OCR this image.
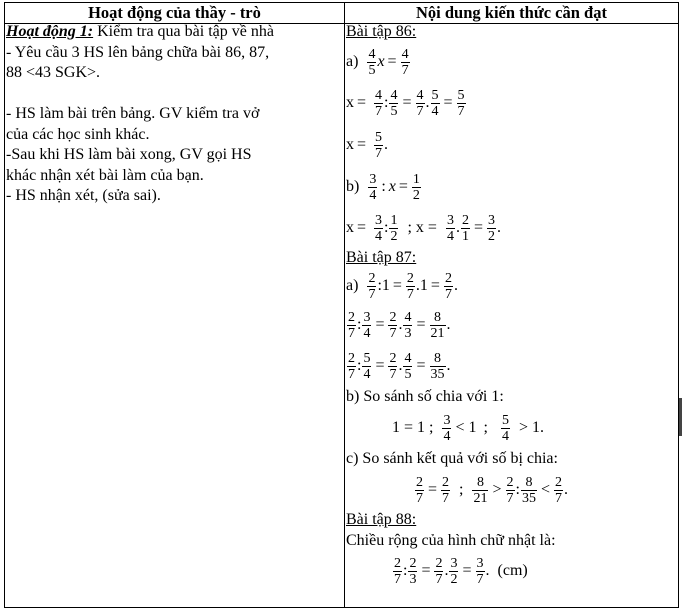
Hoạt động của thầy - trò	Nội dung kiến thức cần đạt
Hoạt động 1: Kiểm tra qua bài tập về nhà
- Yêu cầu 3 HS lên bảng chữa bài 86, 87,
88 <43 SGK>.
- HS làm bài trên bảng. GV kiểm tra vở
của các học sinh khác.
-Sau khi HS làm bài xong, GV gọi HS
khác nhận xét bài làm của bạn.
- HS nhận xét, (sửa sai).
Bài tập 86:
a)
$\frac{4}{5}$ $x = \frac{4}{7}$
x =
$\frac{4}{7}$ : $\frac{4}{5} = \frac{4}{7}$ . $\frac{5}{4} = \frac{5}{7}$
x =
$\frac{5}{7}$ .
b)
$\frac{3}{4}$ : $x = \frac{1}{2}$
x =
$\frac{3}{4}$ : $\frac{1}{2}$
; x =
$\frac{3}{4}$ . $\frac{2}{1} = \frac{3}{2}$ .
Bài tập 87:
a)
$\frac{2}{7}$ : $1 = \frac{2}{7}$ . $1 = \frac{2}{7}$ .
$\frac{2}{7}$ : $\frac{3}{4} = \frac{2}{7}$ . $\frac{4}{3} = \frac{8}{21}$ .
$\frac{2}{7}$ : $\frac{5}{4} = \frac{2}{7}$ . $\frac{4}{5} = \frac{8}{35}$ .
b) So sánh số chia với 1:
1 = 1 ;
$\frac{3}{4} < 1$
;
$\frac{5}{4}$
> 1.
c) So sánh kết quả với số bị chia:
$\frac{2}{7} = \frac{2}{7}$
;
$\frac{8}{21} > \frac{2}{7}$ : $\frac{8}{35} < \frac{2}{7}$ .
Bài tập 88:
Chiều rộng của hình chữ nhật là:
$\frac{2}{7}$ : $\frac{2}{3} = \frac{2}{7}$ . $\frac{3}{2} = \frac{3}{7}$ .
(cm)
